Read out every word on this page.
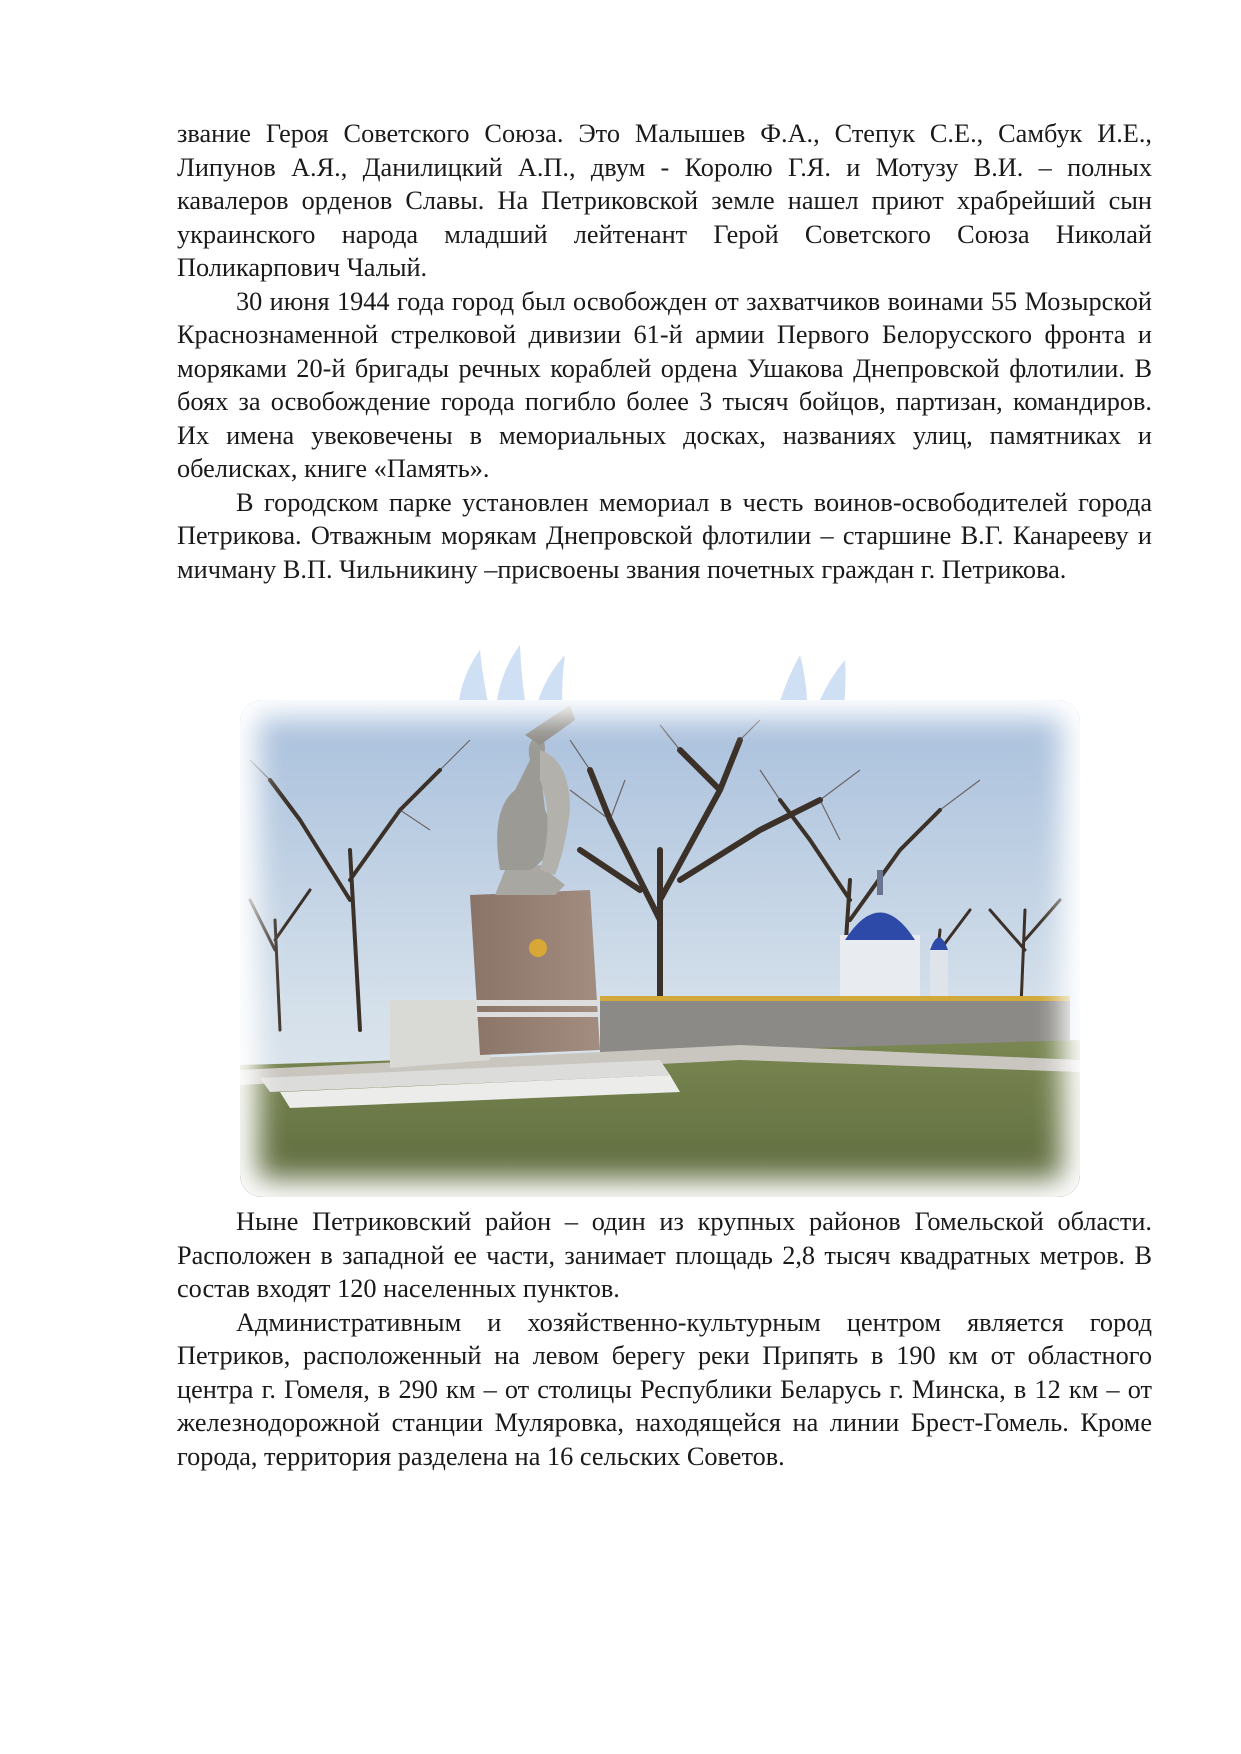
звание Героя Советского Союза. Это Малышев Ф.А., Степук С.Е., Самбук И.Е., Липунов А.Я., Данилицкий А.П., двум - Королю Г.Я. и Мотузу В.И. – полных кавалеров орденов Славы. На Петриковской земле нашел приют храбрейший сын украинского народа младший лейтенант Герой Советского Союза Николай Поликарпович Чалый.

30 июня 1944 года город был освобожден от захватчиков воинами 55 Мозырской Краснознаменной стрелковой дивизии 61-й армии Первого Белорусского фронта и моряками 20-й бригады речных кораблей ордена Ушакова Днепровской флотилии. В боях за освобождение города погибло более 3 тысяч бойцов, партизан, командиров. Их имена увековечены в мемориальных досках, названиях улиц, памятниках и обелисках, книге «Память».

В городском парке установлен мемориал в честь воинов-освободителей города Петрикова. Отважным морякам Днепровской флотилии – старшине В.Г. Канарееву и мичману В.П. Чильникину –присвоены звания почетных граждан г. Петрикова.

Ныне Петриковский район – один из крупных районов Гомельской области. Расположен в западной ее части, занимает площадь 2,8 тысяч квадратных метров. В состав входят 120 населенных пунктов.

Административным и хозяйственно-культурным центром является город Петриков, расположенный на левом берегу реки Припять в 190 км от областного центра г. Гомеля, в 290 км – от столицы Республики Беларусь г. Минска, в 12 км – от железнодорожной станции Муляровка, находящейся на линии Брест-Гомель. Кроме города, территория разделена на 16 сельских Советов.
